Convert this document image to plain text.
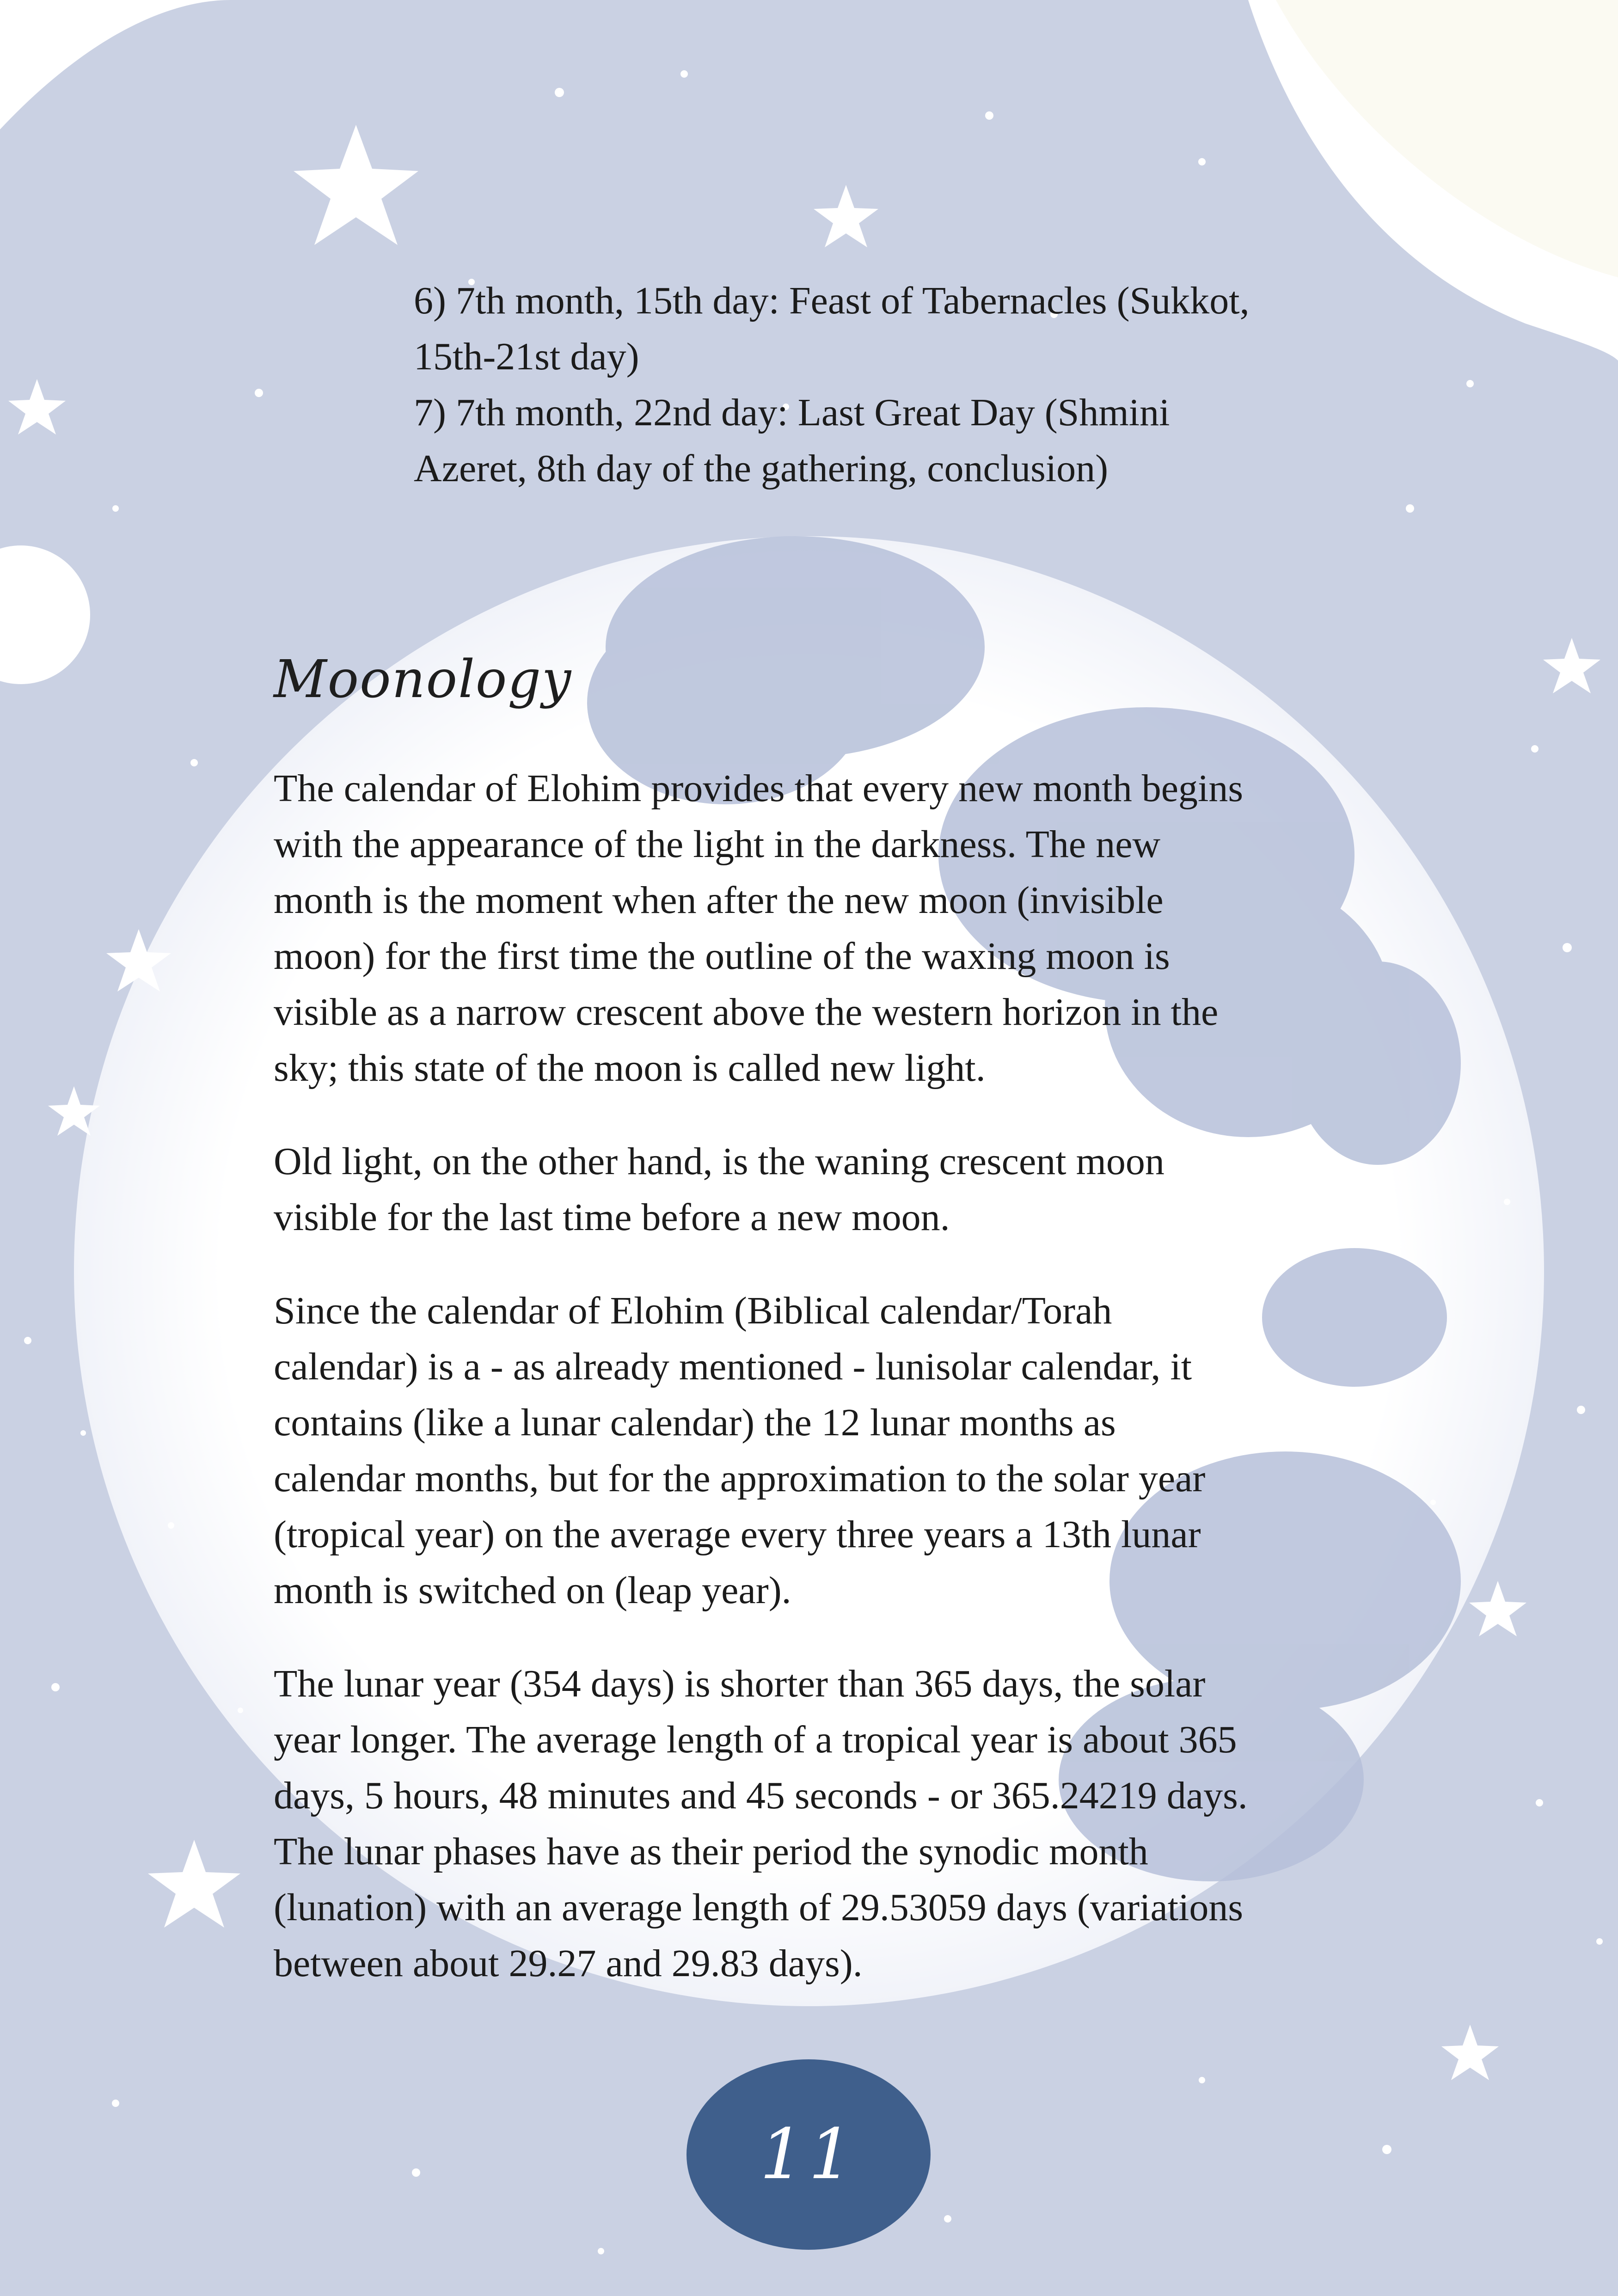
6) 7th month, 15th day: Feast of Tabernacles (Sukkot,
15th-21st day)
7) 7th month, 22nd day: Last Great Day (Shmini
Azeret, 8th day of the gathering, conclusion)
Moonology
The calendar of Elohim provides that every new month begins
with the appearance of the light in the darkness. The new
month is the moment when after the new moon (invisible
moon) for the first time the outline of the waxing moon is
visible as a narrow crescent above the western horizon in the
sky; this state of the moon is called new light.
Old light, on the other hand, is the waning crescent moon
visible for the last time before a new moon.
Since the calendar of Elohim (Biblical calendar/Torah
calendar) is a - as already mentioned - lunisolar calendar, it
contains (like a lunar calendar) the 12 lunar months as
calendar months, but for the approximation to the solar year
(tropical year) on the average every three years a 13th lunar
month is switched on (leap year).
The lunar year (354 days) is shorter than 365 days, the solar
year longer. The average length of a tropical year is about 365
days, 5 hours, 48 minutes and 45 seconds - or 365.24219 days.
The lunar phases have as their period the synodic month
(lunation) with an average length of 29.53059 days (variations
between about 29.27 and 29.83 days).
11
